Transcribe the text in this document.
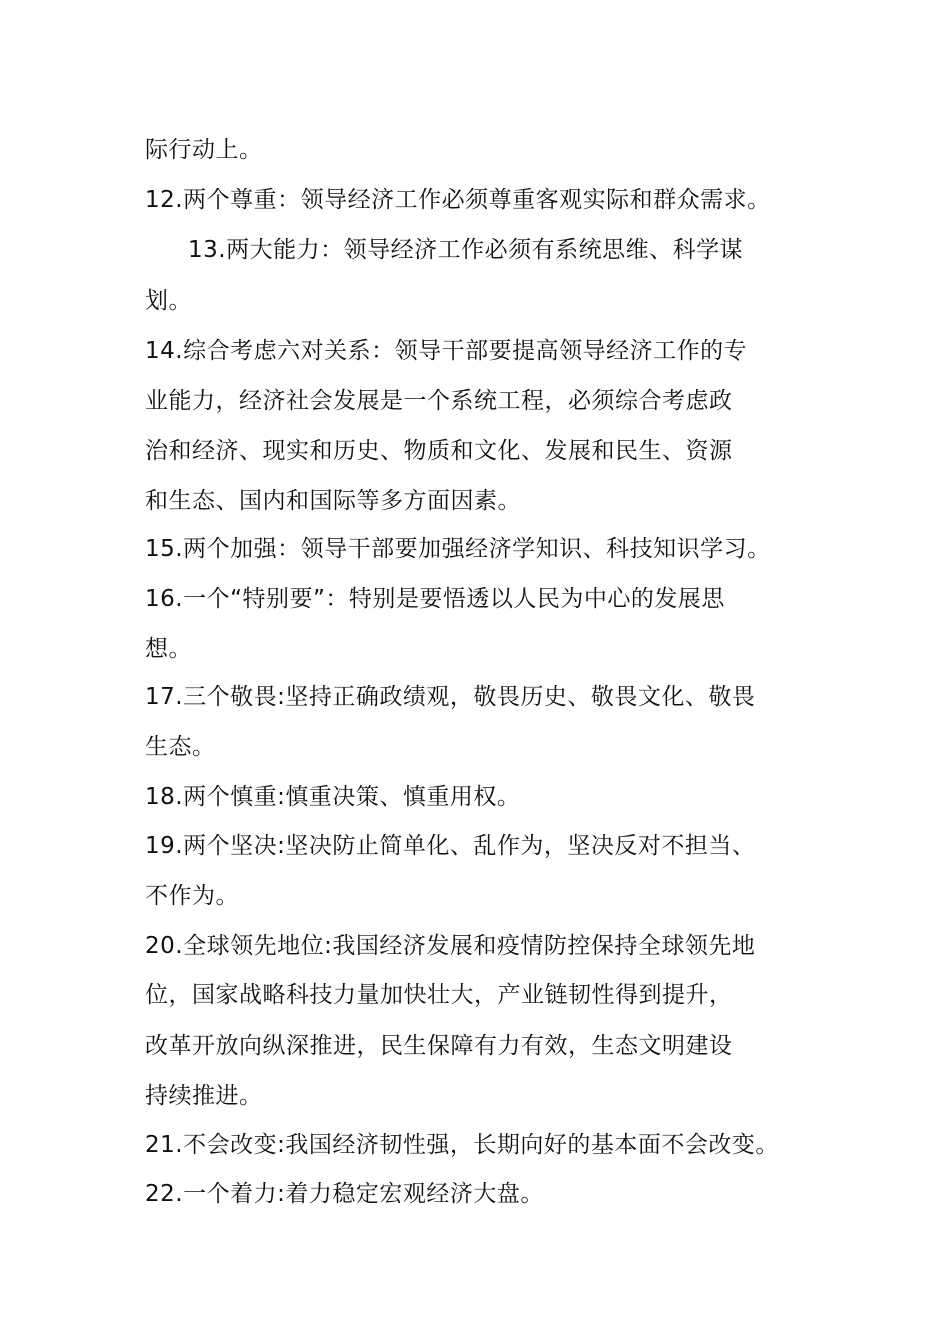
际行动上。
12.两个尊重：领导经济工作必须尊重客观实际和群众需求。
13.两大能力：领导经济工作必须有系统思维、科学谋
划。
14.综合考虑六对关系：领导干部要提高领导经济工作的专
业能力，经济社会发展是一个系统工程，必须综合考虑政
治和经济、现实和历史、物质和文化、发展和民生、资源
和生态、国内和国际等多方面因素。
15.两个加强：领导干部要加强经济学知识、科技知识学习。
16.一个“特别要”：特别是要悟透以人民为中心的发展思
想。
17.三个敬畏:坚持正确政绩观，敬畏历史、敬畏文化、敬畏
生态。
18.两个慎重:慎重决策、慎重用权。
19.两个坚决:坚决防止简单化、乱作为，坚决反对不担当、
不作为。
20.全球领先地位:我国经济发展和疫情防控保持全球领先地
位，国家战略科技力量加快壮大，产业链韧性得到提升，
改革开放向纵深推进，民生保障有力有效，生态文明建设
持续推进。
21.不会改变:我国经济韧性强，长期向好的基本面不会改变。
22.一个着力:着力稳定宏观经济大盘。
